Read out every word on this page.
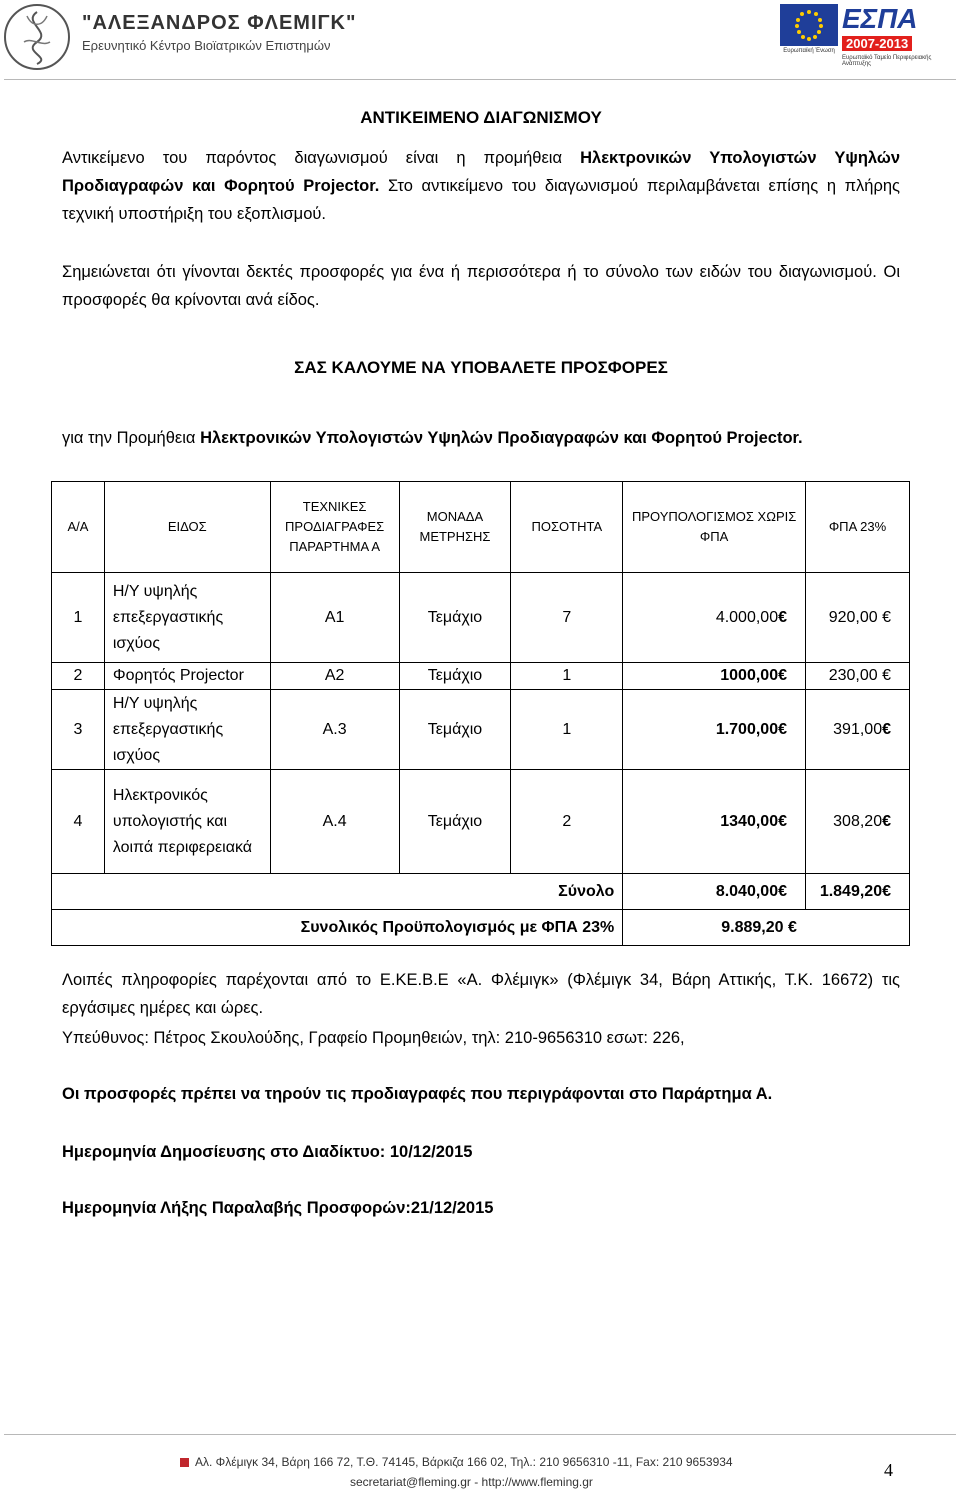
"ΑΛΕΞΑΝΔΡΟΣ ΦΛΕΜΙΓΚ"
Ερευνητικό Κέντρο Βιοϊατρικών Επιστημών	Ευρωπαϊκή Ένωση
ΕΣΠΑ
2007-2013
Ευρωπαϊκό Ταμείο Περιφερειακής Ανάπτυξης
ΑΝΤΙΚΕΙΜΕΝΟ ΔΙΑΓΩΝΙΣΜΟΥ
Αντικείμενο του παρόντος διαγωνισμού είναι η προμήθεια Ηλεκτρονικών Υπολογιστών Υψηλών Προδιαγραφών και Φορητού Projector. Στο αντικείμενο του διαγωνισμού περιλαμβάνεται επίσης η πλήρης τεχνική υποστήριξη του εξοπλισμού.
Σημειώνεται ότι γίνονται δεκτές προσφορές για ένα ή περισσότερα ή το σύνολο των ειδών του διαγωνισμού. Οι προσφορές θα κρίνονται ανά είδος.
ΣΑΣ ΚΑΛΟΥΜΕ ΝΑ ΥΠΟΒΑΛΕΤΕ ΠΡΟΣΦΟΡΕΣ
για την Προμήθεια Ηλεκτρονικών Υπολογιστών Υψηλών Προδιαγραφών και Φορητού Projector.
Α/Α	ΕΙΔΟΣ	ΤΕΧΝΙΚΕΣ ΠΡΟΔΙΑΓΡΑΦΕΣ ΠΑΡΑΡΤΗΜΑ Α	ΜΟΝΑΔΑ ΜΕΤΡΗΣΗΣ	ΠΟΣΟΤΗΤΑ	ΠΡΟΥΠΟΛΟΓΙΣΜΟΣ ΧΩΡΙΣ ΦΠΑ	ΦΠΑ 23%
1	Η/Υ υψηλής επεξεργαστικής ισχύος	Α1	Τεμάχιο	7	4.000,00€	920,00 €
2	Φορητός Projector	Α2	Τεμάχιο	1	1000,00€	230,00 €
3	Η/Υ υψηλής επεξεργαστικής ισχύος	Α.3	Τεμάχιο	1	1.700,00€	391,00€
4	Ηλεκτρονικός υπολογιστής και λοιπά περιφερειακά	Α.4	Τεμάχιο	2	1340,00€	308,20€
Σύνολο					8.040,00€	1.849,20€
Συνολικός Προϋπολογισμός με ΦΠΑ 23%					9.889,20 €	
Λοιπές πληροφορίες παρέχονται από το Ε.ΚΕ.Β.Ε «Α. Φλέμιγκ» (Φλέμιγκ 34, Βάρη Αττικής, Τ.Κ. 16672) τις εργάσιμες ημέρες και ώρες.
Υπεύθυνος: Πέτρος Σκουλούδης, Γραφείο Προμηθειών, τηλ: 210-9656310 εσωτ: 226,
Οι προσφορές πρέπει να τηρούν τις προδιαγραφές που περιγράφονται στο Παράρτημα Α.
Ημερομηνία Δημοσίευσης στο Διαδίκτυο: 10/12/2015
Ημερομηνία Λήξης Παραλαβής Προσφορών:21/12/2015
Αλ. Φλέμιγκ 34, Βάρη 166 72, Τ.Θ. 74145, Βάρκιζα 166 02, Τηλ.: 210 9656310 -11, Fax: 210 9653934
secretariat@fleming.gr - http://www.fleming.gr
4
